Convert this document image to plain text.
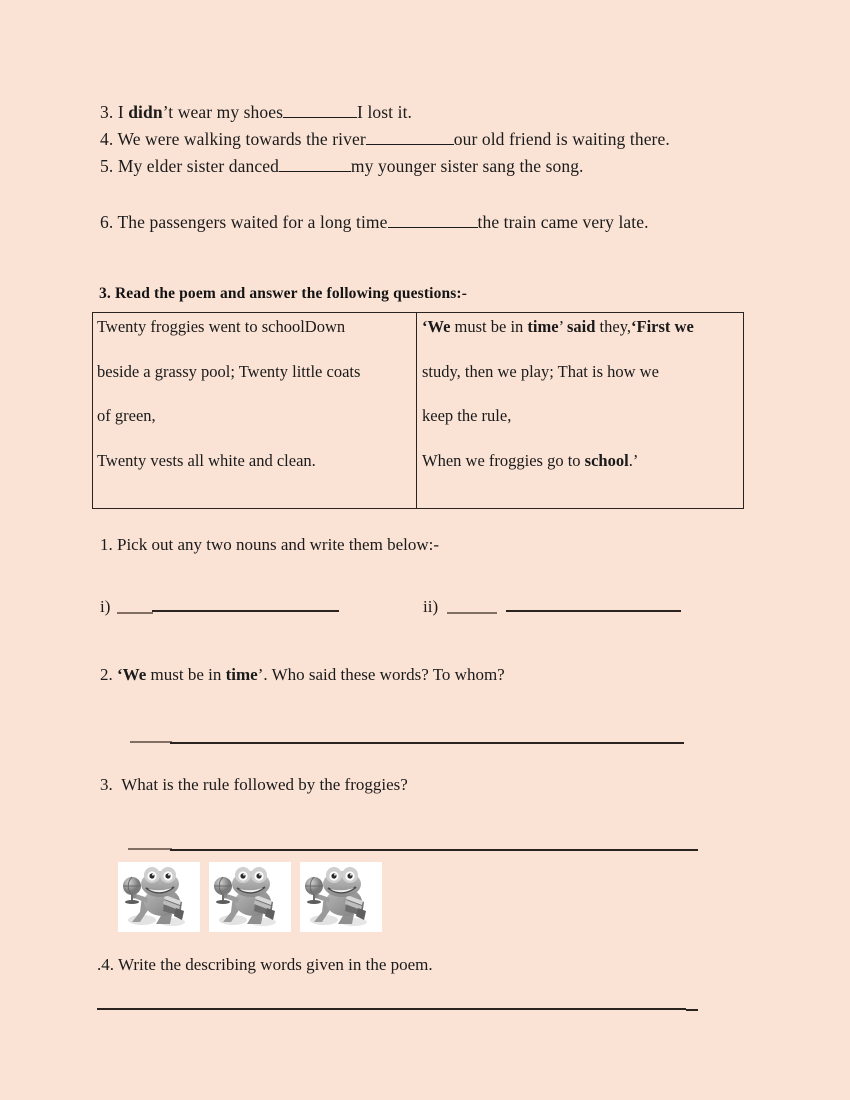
3. I didn’t wear my shoes	I lost it.
4. We were walking towards the river	our old friend is waiting there.
5. My elder sister danced	my younger sister sang the song.
6. The passengers waited for a long time	the train came very late.
3. Read the poem and answer the following questions:-
Twenty froggies went to schoolDown
beside a grassy pool; Twenty little coats
of green,
Twenty vests all white and clean.
‘We must be in time’ said they,‘First we
study, then we play; That is how we
keep the rule,
When we froggies go to school.’
1. Pick out any two nouns and write them below:-
i)	ii)
2. ‘We must be in time’. Who said these words? To whom?
3. What is the rule followed by the froggies?
.4. Write the describing words given in the poem.
